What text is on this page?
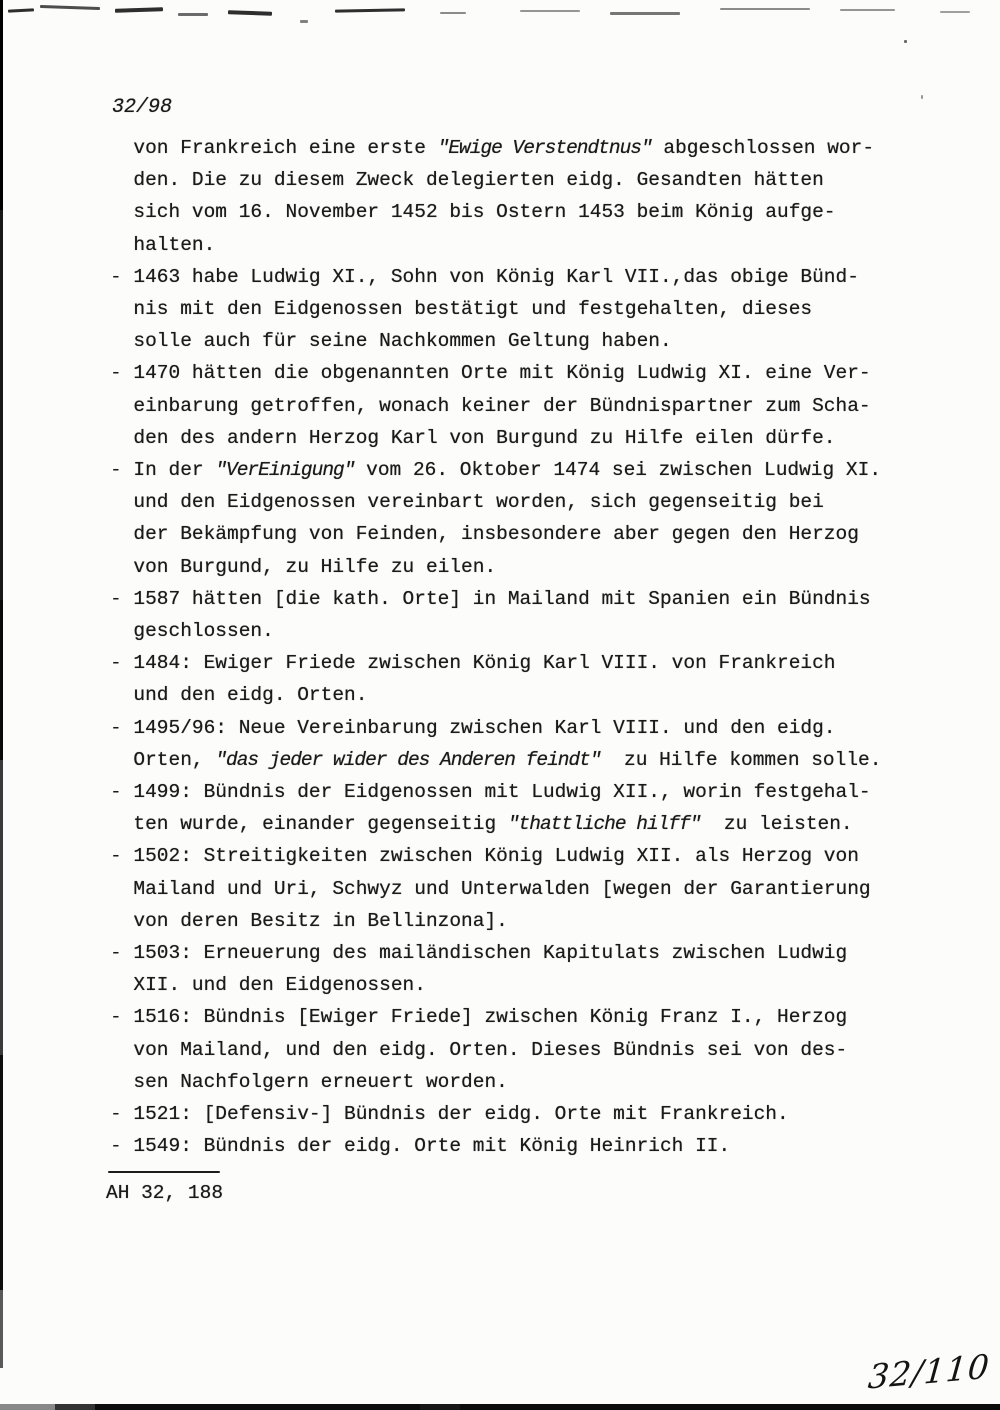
32/98
von Frankreich eine erste "Ewige Verstendtnus" abgeschlossen wor-
den. Die zu diesem Zweck delegierten eidg. Gesandten hätten
sich vom 16. November 1452 bis Ostern 1453 beim König aufge-
halten.
- 1463 habe Ludwig XI., Sohn von König Karl VII.,das obige Bünd-
nis mit den Eidgenossen bestätigt und festgehalten, dieses
solle auch für seine Nachkommen Geltung haben.
- 1470 hätten die obgenannten Orte mit König Ludwig XI. eine Ver-
einbarung getroffen, wonach keiner der Bündnispartner zum Scha-
den des andern Herzog Karl von Burgund zu Hilfe eilen dürfe.
- In der "VerEinigung" vom 26. Oktober 1474 sei zwischen Ludwig XI.
und den Eidgenossen vereinbart worden, sich gegenseitig bei
der Bekämpfung von Feinden, insbesondere aber gegen den Herzog
von Burgund, zu Hilfe zu eilen.
- 1587 hätten [die kath. Orte] in Mailand mit Spanien ein Bündnis
geschlossen.
- 1484: Ewiger Friede zwischen König Karl VIII. von Frankreich
und den eidg. Orten.
- 1495/96: Neue Vereinbarung zwischen Karl VIII. und den eidg.
Orten, "das jeder wider des Anderen feindt"  zu Hilfe kommen solle.
- 1499: Bündnis der Eidgenossen mit Ludwig XII., worin festgehal-
ten wurde, einander gegenseitig "thattliche hilff"  zu leisten.
- 1502: Streitigkeiten zwischen König Ludwig XII. als Herzog von
Mailand und Uri, Schwyz und Unterwalden [wegen der Garantierung
von deren Besitz in Bellinzona].
- 1503: Erneuerung des mailändischen Kapitulats zwischen Ludwig
XII. und den Eidgenossen.
- 1516: Bündnis [Ewiger Friede] zwischen König Franz I., Herzog
von Mailand, und den eidg. Orten. Dieses Bündnis sei von des-
sen Nachfolgern erneuert worden.
- 1521: [Defensiv-] Bündnis der eidg. Orte mit Frankreich.
- 1549: Bündnis der eidg. Orte mit König Heinrich II.
AH 32, 188
32/110
